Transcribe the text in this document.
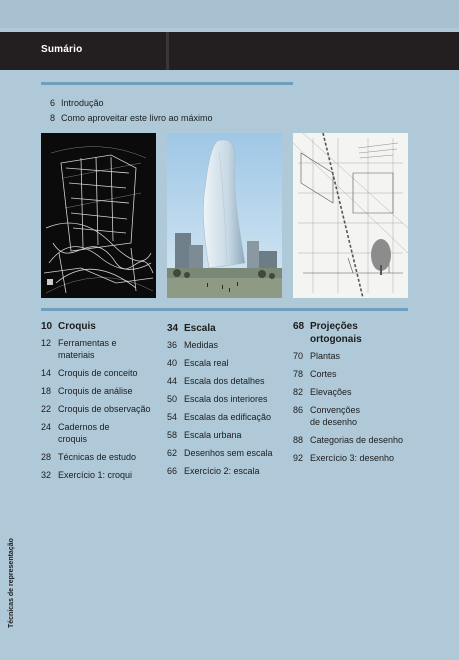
Sumário
6 Introdução
8 Como aproveitar este livro ao máximo
10 Croquis
12 Ferramentas e materiais
14 Croquis de conceito
18 Croquis de análise
22 Croquis de observação
24 Cadernos de croquis
28 Técnicas de estudo
32 Exercício 1: croqui
34 Escala
36 Medidas
40 Escala real
44 Escala dos detalhes
50 Escala dos interiores
54 Escalas da edificação
58 Escala urbana
62 Desenhos sem escala
66 Exercício 2: escala
68 Projeções ortogonais
70 Plantas
78 Cortes
82 Elevações
86 Convenções de desenho
88 Categorias de desenho
92 Exercício 3: desenho
Técnicas de representação
